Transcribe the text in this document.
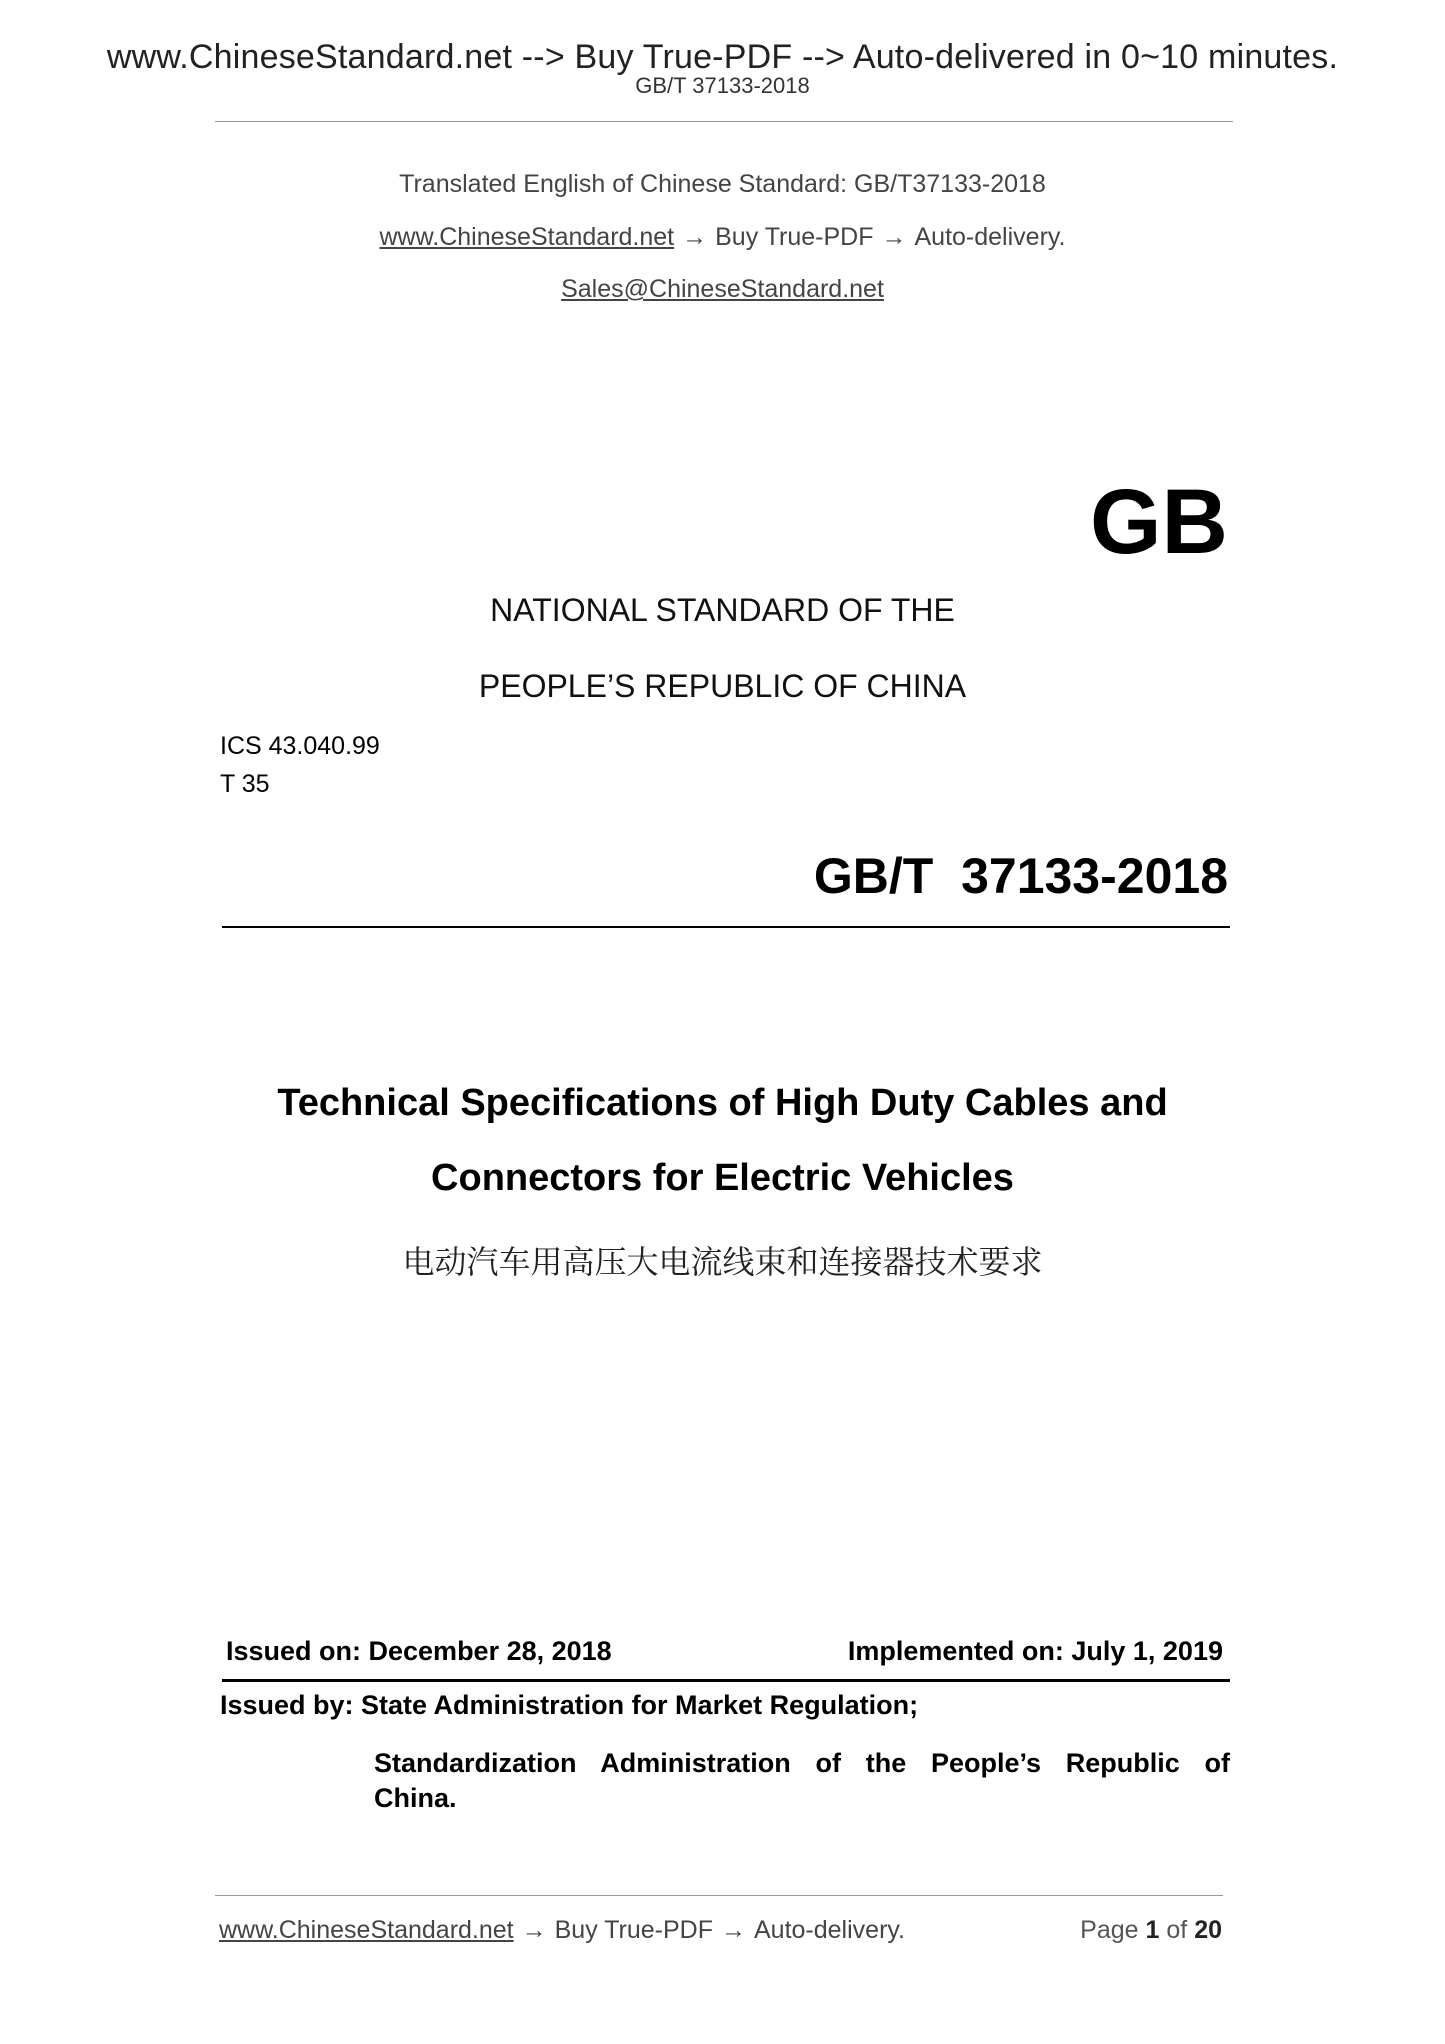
www.ChineseStandard.net --> Buy True-PDF --> Auto-delivered in 0~10 minutes.
GB/T 37133-2018
Translated English of Chinese Standard: GB/T37133-2018
www.ChineseStandard.net → Buy True-PDF → Auto-delivery.
Sales@ChineseStandard.net
GB
NATIONAL STANDARD OF THE
PEOPLE’S REPUBLIC OF CHINA
ICS 43.040.99
T 35
GB/T  37133-2018
Technical Specifications of High Duty Cables and
Connectors for Electric Vehicles
电动汽车用高压大电流线束和连接器技术要求
Issued on: December 28, 2018	Implemented on: July 1, 2019
Issued by: State Administration for Market Regulation;
Standardization Administration of the People’s Republic of
China.
www.ChineseStandard.net → Buy True-PDF → Auto-delivery.	Page 1 of 20
